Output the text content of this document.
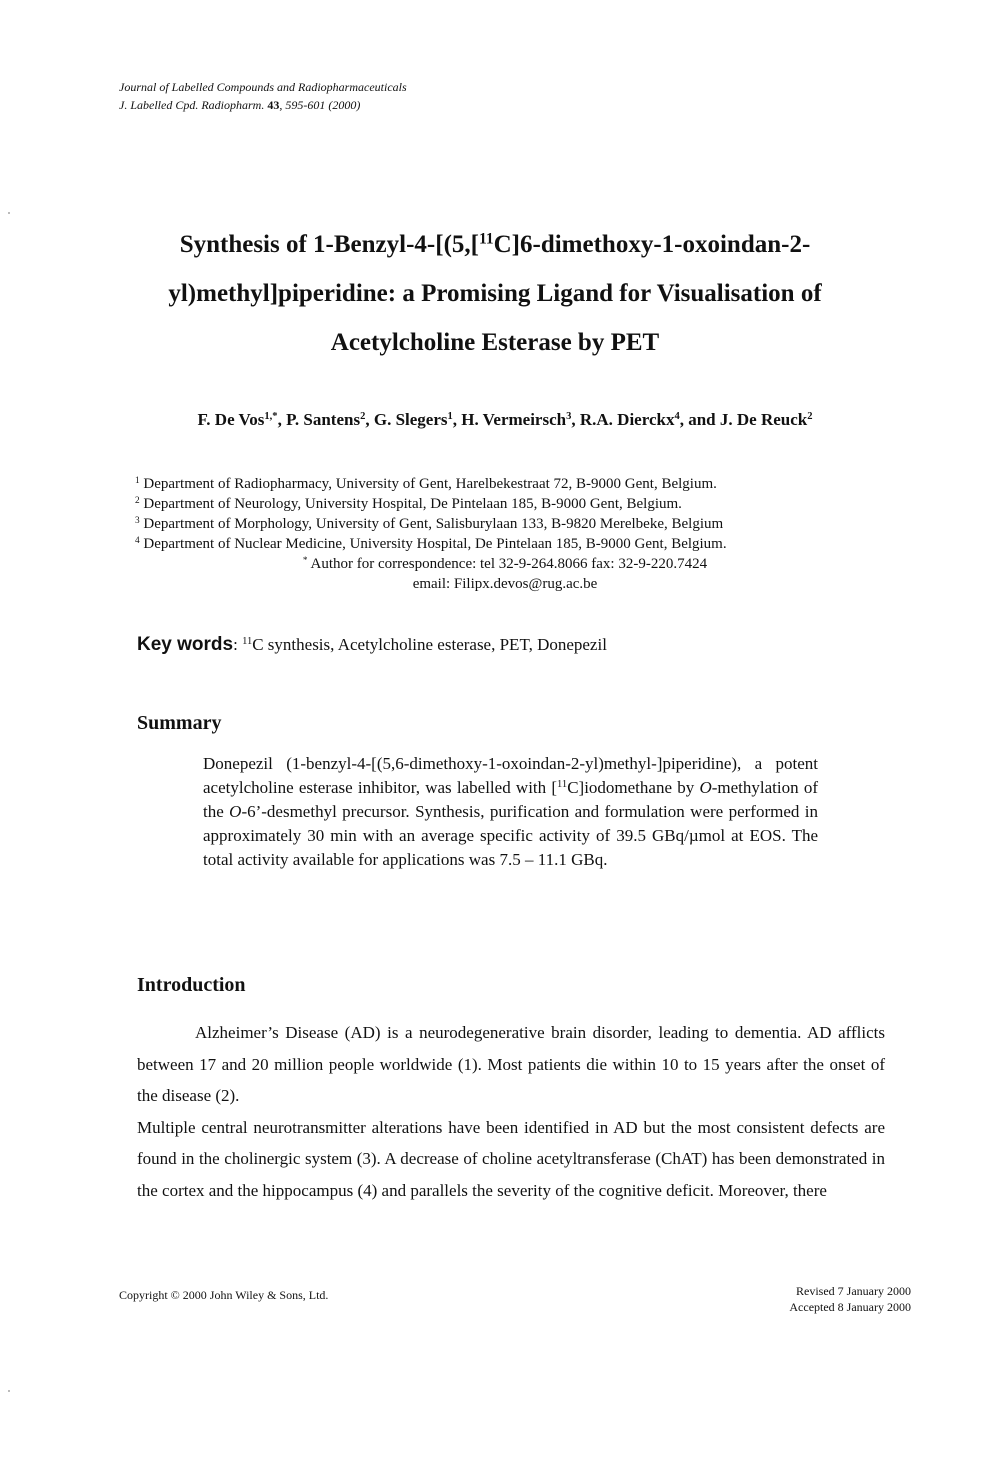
Journal of Labelled Compounds and Radiopharmaceuticals
J. Labelled Cpd. Radiopharm. 43, 595-601 (2000)
Synthesis of 1-Benzyl-4-[(5,[$^{11}$C]6-dimethoxy-1-oxoindan-2-yl)methyl]piperidine: a Promising Ligand for Visualisation of Acetylcholine Esterase by PET
F. De Vos$^{1,*}$, P. Santens$^2$, G. Slegers$^1$, H. Vermeirsch$^3$, R.A. Dierckx$^4$, and J. De Reuck$^2$
$^1$ Department of Radiopharmacy, University of Gent, Harelbekestraat 72, B-9000 Gent, Belgium.
$^2$ Department of Neurology, University Hospital, De Pintelaan 185, B-9000 Gent, Belgium.
$^3$ Department of Morphology, University of Gent, Salisburylaan 133, B-9820 Merelbeke, Belgium
$^4$ Department of Nuclear Medicine, University Hospital, De Pintelaan 185, B-9000 Gent, Belgium.
* Author for correspondence: tel 32-9-264.8066 fax: 32-9-220.7424
email: Filipx.devos@rug.ac.be
Key words: $^{11}$C synthesis, Acetylcholine esterase, PET, Donepezil
Summary
Donepezil (1-benzyl-4-[(5,6-dimethoxy-1-oxoindan-2-yl)methyl-]piperidine), a potent acetylcholine esterase inhibitor, was labelled with [$^{11}$C]iodomethane by O-methylation of the O-6’-desmethyl precursor. Synthesis, purification and formulation were performed in approximately 30 min with an average specific activity of 39.5 GBq/µmol at EOS. The total activity available for applications was 7.5 – 11.1 GBq.
Introduction

Alzheimer’s Disease (AD) is a neurodegenerative brain disorder, leading to dementia. AD afflicts between 17 and 20 million people worldwide (1). Most patients die within 10 to 15 years after the onset of the disease (2).

Multiple central neurotransmitter alterations have been identified in AD but the most consistent defects are found in the cholinergic system (3). A decrease of choline acetyltransferase (ChAT) has been demonstrated in the cortex and the hippocampus (4) and parallels the severity of the cognitive deficit. Moreover, there

Copyright © 2000 John Wiley & Sons, Ltd.	Revised 7 January 2000
Accepted 8 January 2000
